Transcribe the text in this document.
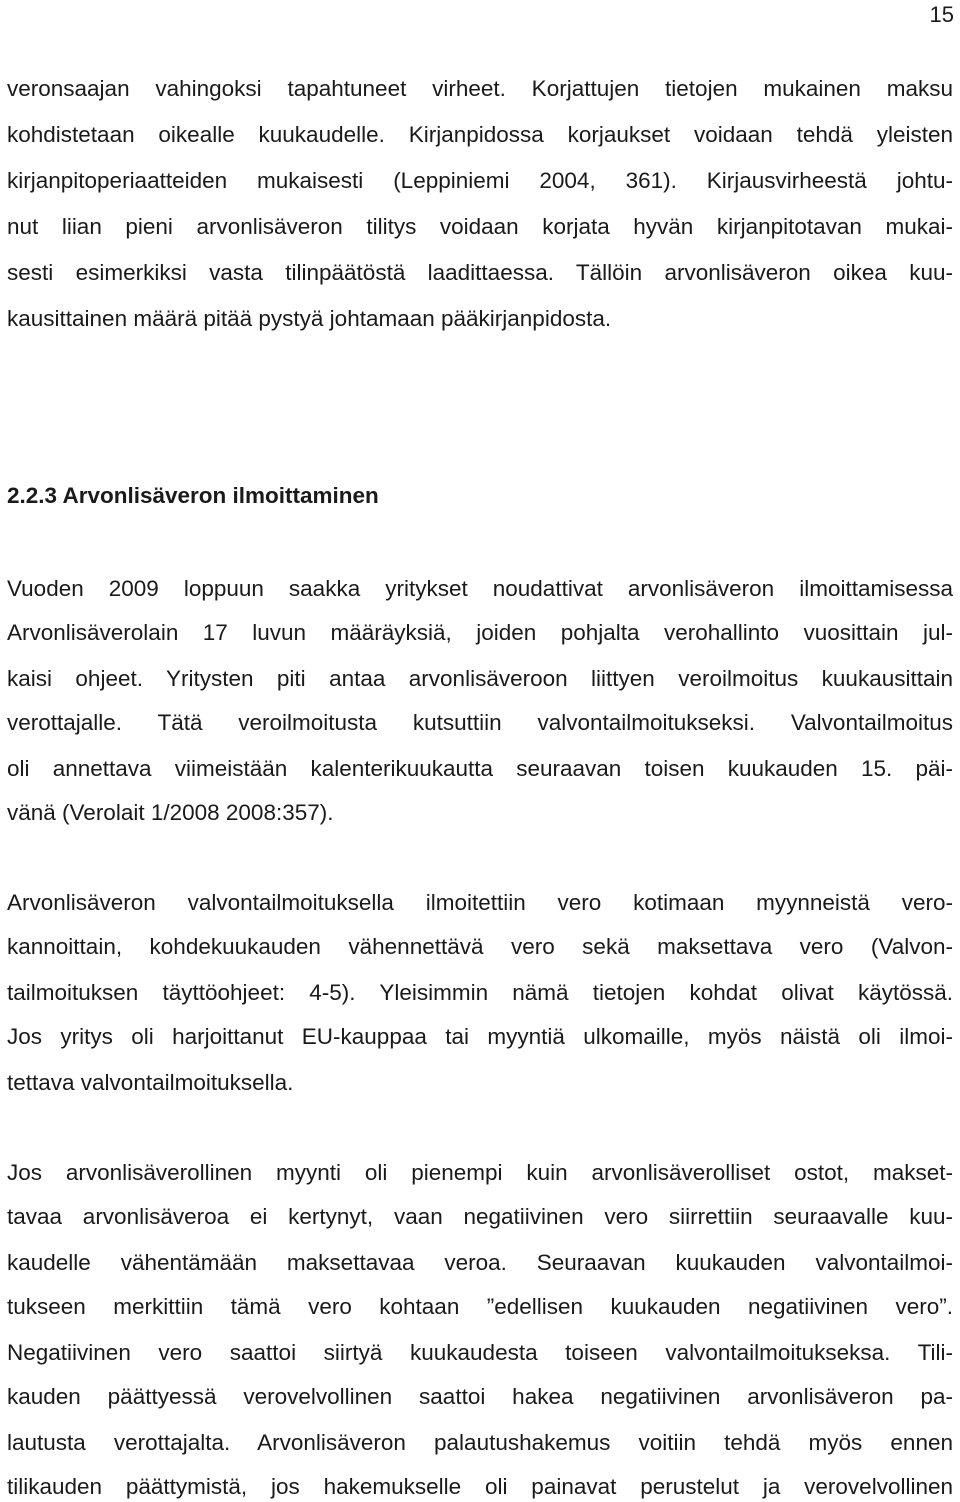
15
veronsaajan vahingoksi tapahtuneet virheet. Korjattujen tietojen mukainen maksu
kohdistetaan oikealle kuukaudelle. Kirjanpidossa korjaukset voidaan tehdä yleisten
kirjanpitoperiaatteiden mukaisesti (Leppiniemi 2004, 361). Kirjausvirheestä johtu-
nut liian pieni arvonlisäveron tilitys voidaan korjata hyvän kirjanpitotavan mukai-
sesti esimerkiksi vasta tilinpäätöstä laadittaessa. Tällöin arvonlisäveron oikea kuu-
kausittainen määrä pitää pystyä johtamaan pääkirjanpidosta.
2.2.3 Arvonlisäveron ilmoittaminen
Vuoden 2009 loppuun saakka yritykset noudattivat arvonlisäveron ilmoittamisessa
Arvonlisäverolain 17 luvun määräyksiä, joiden pohjalta verohallinto vuosittain jul-
kaisi ohjeet. Yritysten piti antaa arvonlisäveroon liittyen veroilmoitus kuukausittain
verottajalle. Tätä veroilmoitusta kutsuttiin valvontailmoitukseksi. Valvontailmoitus
oli annettava viimeistään kalenterikuukautta seuraavan toisen kuukauden 15. päi-
vänä (Verolait 1/2008 2008:357).
Arvonlisäveron valvontailmoituksella ilmoitettiin vero kotimaan myynneistä vero-
kannoittain, kohdekuukauden vähennettävä vero sekä maksettava vero (Valvon-
tailmoituksen täyttöohjeet: 4-5). Yleisimmin nämä tietojen kohdat olivat käytössä.
Jos yritys oli harjoittanut EU-kauppaa tai myyntiä ulkomaille, myös näistä oli ilmoi-
tettava valvontailmoituksella.
Jos arvonlisäverollinen myynti oli pienempi kuin arvonlisäverolliset ostot, makset-
tavaa arvonlisäveroa ei kertynyt, vaan negatiivinen vero siirrettiin seuraavalle kuu-
kaudelle vähentämään maksettavaa veroa. Seuraavan kuukauden valvontailmoi-
tukseen merkittiin tämä vero kohtaan ”edellisen kuukauden negatiivinen vero”.
Negatiivinen vero saattoi siirtyä kuukaudesta toiseen valvontailmoitukseksa. Tili-
kauden päättyessä verovelvollinen saattoi hakea negatiivinen arvonlisäveron pa-
lautusta verottajalta. Arvonlisäveron palautushakemus voitiin tehdä myös ennen
tilikauden päättymistä, jos hakemukselle oli painavat perustelut ja verovelvollinen
